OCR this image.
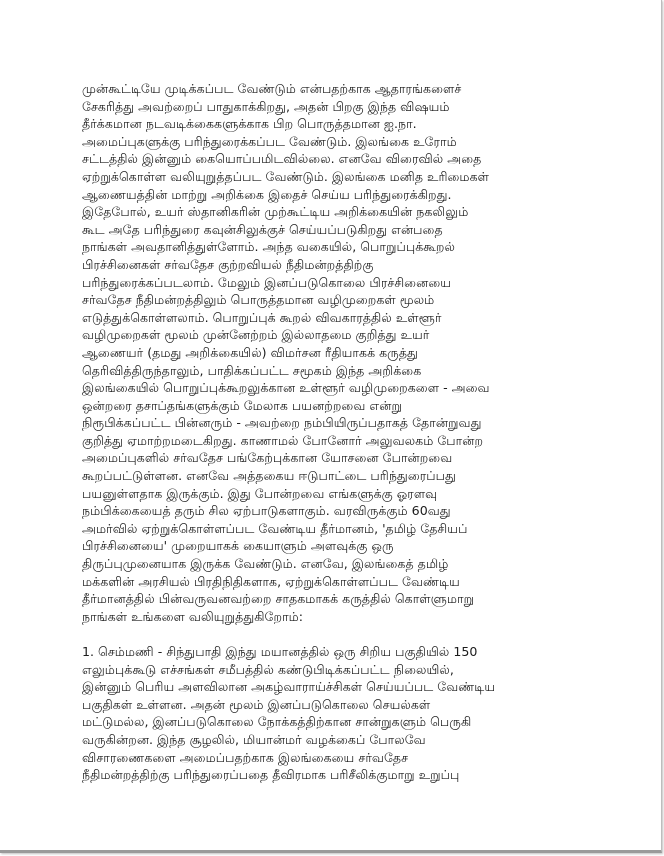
முன்கூட்டியே முடிக்கப்பட வேண்டும் என்பதற்காக ஆதாரங்களைச்
சேகரித்து அவற்றைப் பாதுகாக்கிறது, அதன் பிறகு இந்த விஷயம்
தீர்க்கமான நடவடிக்கைகளுக்காக பிற பொருத்தமான ஐ.நா.
அமைப்புகளுக்கு பரிந்துரைக்கப்பட வேண்டும். இலங்கை உரோம்
சட்டத்தில் இன்னும் கையொப்பமிடவில்லை. எனவே விரைவில் அதை
ஏற்றுக்கொள்ள வலியுறுத்தப்பட வேண்டும். இலங்கை மனித உரிமைகள்
ஆணையத்தின் மாற்று அறிக்கை இதைச் செய்ய பரிந்துரைக்கிறது.
இதேபோல், உயர் ஸ்தானிகரின் முற்கூட்டிய அறிக்கையின் நகலிலும்
கூட அதே பரிந்துரை கவுன்சிலுக்குச் செய்யப்படுகிறது என்பதை
நாங்கள் அவதானித்துள்ளோம். அந்த வகையில், பொறுப்புக்கூறல்
பிரச்சினைகள் சர்வதேச குற்றவியல் நீதிமன்றத்திற்கு
பரிந்துரைக்கப்படலாம். மேலும் இனப்படுகொலை பிரச்சினையை
சர்வதேச நீதிமன்றத்திலும் பொருத்தமான வழிமுறைகள் மூலம்
எடுத்துக்கொள்ளலாம். பொறுப்புக் கூறல் விவகாரத்தில் உள்ளூர்
வழிமுறைகள் மூலம் முன்னேற்றம் இல்லாதமை குறித்து உயர்
ஆணையர் (தமது அறிக்கையில்) விமர்சன ரீதியாகக் கருத்து
தெரிவித்திருந்தாலும், பாதிக்கப்பட்ட சமூகம் இந்த அறிக்கை
இலங்கையில் பொறுப்புக்கூறலுக்கான உள்ளூர் வழிமுறைகளை - அவை
ஒன்றரை தசாப்தங்களுக்கும் மேலாக பயனற்றவை என்று
நிரூபிக்கப்பட்ட பின்னரும் - அவற்றை நம்பியிருப்பதாகத் தோன்றுவது
குறித்து ஏமாற்றமடைகிறது. காணாமல் போனோர் அலுவலகம் போன்ற
அமைப்புகளில் சர்வதேச பங்கேற்புக்கான யோசனை போன்றவை
கூறப்பட்டுள்ளன. எனவே அத்தகைய ஈடுபாட்டை பரிந்துரைப்பது
பயனுள்ளதாக இருக்கும். இது போன்றவை எங்களுக்கு ஓரளவு
நம்பிக்கையைத் தரும் சில ஏற்பாடுகளாகும். வரவிருக்கும் 60வது
அமர்வில் ஏற்றுக்கொள்ளப்பட வேண்டிய தீர்மானம், 'தமிழ் தேசியப்
பிரச்சினையை' முறையாகக் கையாளும் அளவுக்கு ஒரு
திருப்புமுனையாக இருக்க வேண்டும். எனவே, இலங்கைத் தமிழ்
மக்களின் அரசியல் பிரதிநிதிகளாக, ஏற்றுக்கொள்ளப்பட வேண்டிய
தீர்மானத்தில் பின்வருவனவற்றை சாதகமாகக் கருத்தில் கொள்ளுமாறு
நாங்கள் உங்களை வலியுறுத்துகிறோம்:
1. செம்மணி - சிந்துபாதி இந்து மயானத்தில் ஒரு சிறிய பகுதியில் 150
எலும்புக்கூடு எச்சங்கள் சமீபத்தில் கண்டுபிடிக்கப்பட்ட நிலையில்,
இன்னும் பெரிய அளவிலான அகழ்வாராய்ச்சிகள் செய்யப்பட வேண்டிய
பகுதிகள் உள்ளன. அதன் மூலம் இனப்படுகொலை செயல்கள்
மட்டுமல்ல, இனப்படுகொலை நோக்கத்திற்கான சான்றுகளும் பெருகி
வருகின்றன. இந்த சூழலில், மியான்மர் வழக்கைப் போலவே
விசாரணைகளை அமைப்பதற்காக இலங்கையை சர்வதேச
நீதிமன்றத்திற்கு பரிந்துரைப்பதை தீவிரமாக பரிசீலிக்குமாறு உறுப்பு
